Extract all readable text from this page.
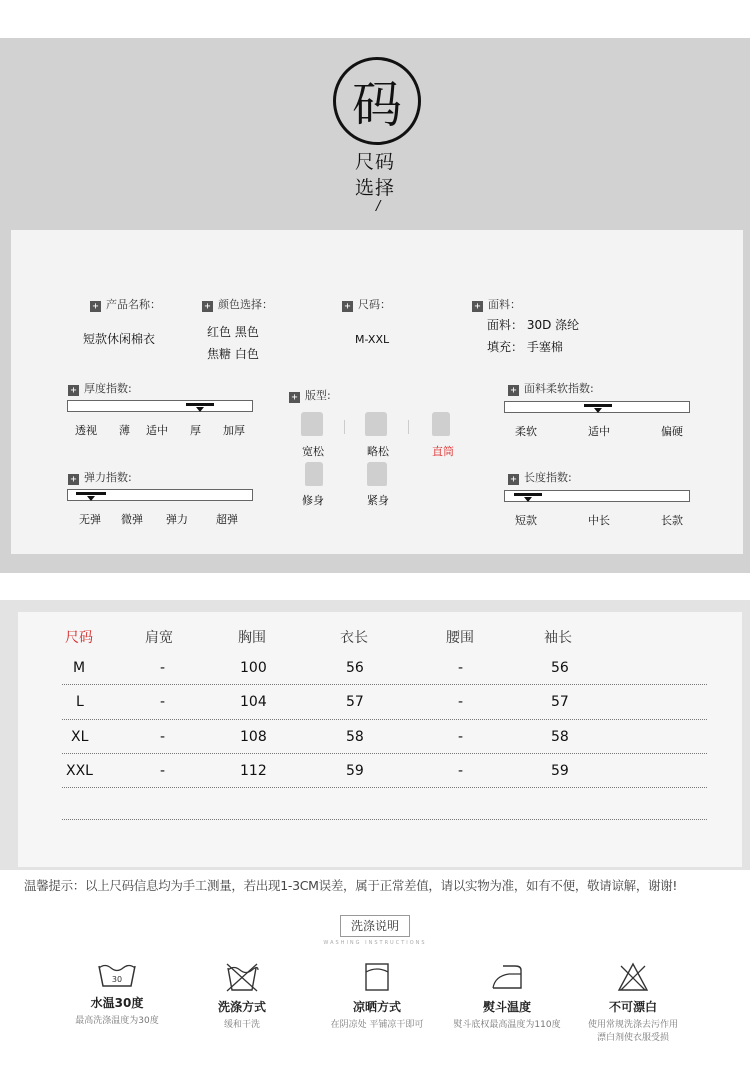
码
尺码
选择
/
+ 产品名称：
短款休闲棉衣
+ 颜色选择：
红色 黑色
焦糖 白色
+ 尺码：
M-XXL
+ 面料：
面料： 30D 涤纶
填充： 手塞棉
+ 厚度指数:
透视 薄 适中 厚 加厚
+ 弹力指数:
无弹 微弹 弹力	超弹
+ 版型:
宽松	略松	直筒
修身	紧身
+ 面料柔软指数:
柔软	适中	偏硬
+ 长度指数:
短款	中长	长款
尺码	肩宽	胸围	衣长	腰围	袖长
M	-	100	56	-	56
L	-	104	57	-	57
XL	-	108	58	-	58
XXL	-	112	59	-	59
温馨提示：以上尺码信息均为手工测量，若出现1-3CM误差，属于正常差值，请以实物为准，如有不便，敬请谅解，谢谢!
洗涤说明
WASHING INSTRUCTIONS
30
水温30度
最高洗涤温度为30度
洗涤方式
缓和干洗
凉晒方式
在阴凉处 平铺凉干即可
熨斗温度
熨斗底权最高温度为110度
不可漂白
使用常规洗涤去污作用
漂白剂使衣服受损
